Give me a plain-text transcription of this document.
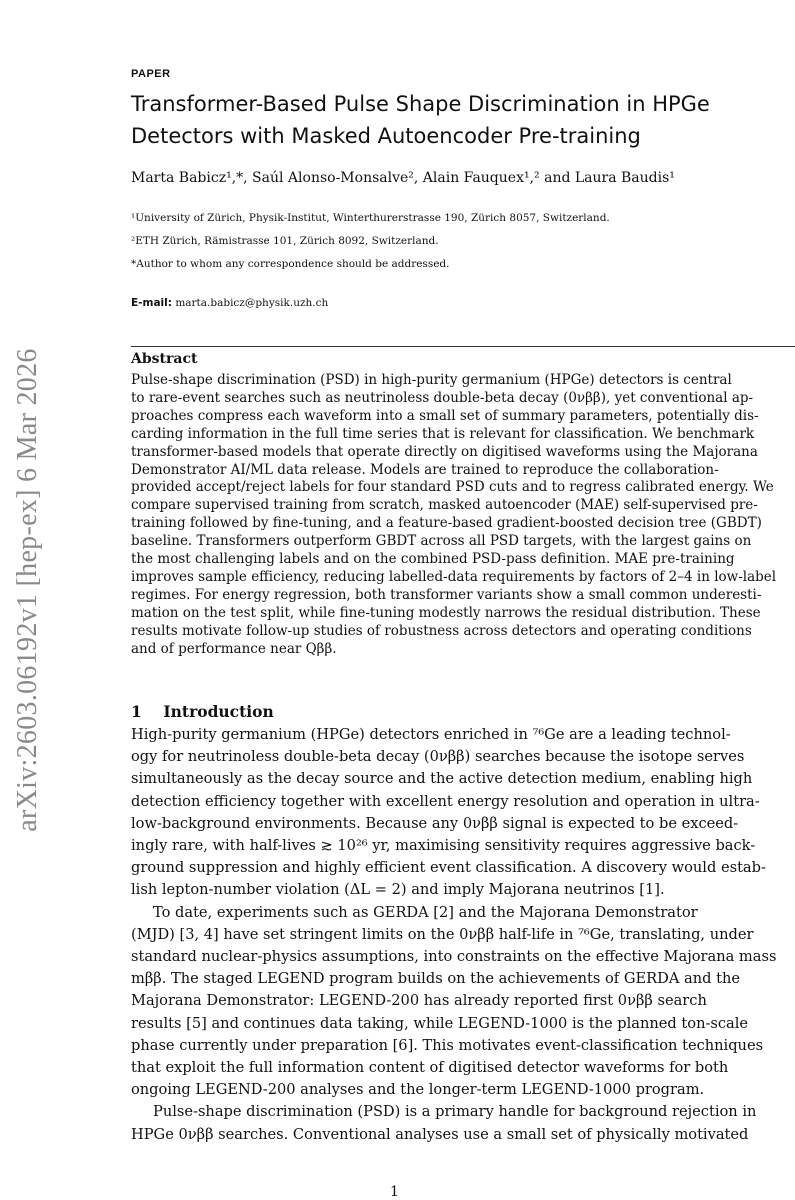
arXiv:2603.06192v1 [hep-ex] 6 Mar 2026
PAPER
Transformer-Based Pulse Shape Discrimination in HPGe Detectors with Masked Autoencoder Pre-training
Marta Babicz¹,*, Saúl Alonso-Monsalve², Alain Fauquex¹,² and Laura Baudis¹
¹University of Zürich, Physik-Institut, Winterthurerstrasse 190, Zürich 8057, Switzerland.
²ETH Zürich, Rämistrasse 101, Zürich 8092, Switzerland.
*Author to whom any correspondence should be addressed.
E-mail: marta.babicz@physik.uzh.ch
Abstract
Pulse-shape discrimination (PSD) in high-purity germanium (HPGe) detectors is central
to rare-event searches such as neutrinoless double-beta decay (0νββ), yet conventional ap-
proaches compress each waveform into a small set of summary parameters, potentially dis-
carding information in the full time series that is relevant for classification. We benchmark
transformer-based models that operate directly on digitised waveforms using the Majorana
Demonstrator AI/ML data release. Models are trained to reproduce the collaboration-
provided accept/reject labels for four standard PSD cuts and to regress calibrated energy. We
compare supervised training from scratch, masked autoencoder (MAE) self-supervised pre-
training followed by fine-tuning, and a feature-based gradient-boosted decision tree (GBDT)
baseline. Transformers outperform GBDT across all PSD targets, with the largest gains on
the most challenging labels and on the combined PSD-pass definition. MAE pre-training
improves sample efficiency, reducing labelled-data requirements by factors of 2–4 in low-label
regimes. For energy regression, both transformer variants show a small common underesti-
mation on the test split, while fine-tuning modestly narrows the residual distribution. These
results motivate follow-up studies of robustness across detectors and operating conditions
and of performance near Qββ.
1 Introduction
High-purity germanium (HPGe) detectors enriched in ⁷⁶Ge are a leading technol-
ogy for neutrinoless double-beta decay (0νββ) searches because the isotope serves
simultaneously as the decay source and the active detection medium, enabling high
detection efficiency together with excellent energy resolution and operation in ultra-
low-background environments. Because any 0νββ signal is expected to be exceed-
ingly rare, with half-lives ≳ 10²⁶ yr, maximising sensitivity requires aggressive back-
ground suppression and highly efficient event classification. A discovery would estab-
lish lepton-number violation (ΔL = 2) and imply Majorana neutrinos [1].
To date, experiments such as GERDA [2] and the Majorana Demonstrator
(MJD) [3, 4] have set stringent limits on the 0νββ half-life in ⁷⁶Ge, translating, under
standard nuclear-physics assumptions, into constraints on the effective Majorana mass
mββ. The staged LEGEND program builds on the achievements of GERDA and the
Majorana Demonstrator: LEGEND-200 has already reported first 0νββ search
results [5] and continues data taking, while LEGEND-1000 is the planned ton-scale
phase currently under preparation [6]. This motivates event-classification techniques
that exploit the full information content of digitised detector waveforms for both
ongoing LEGEND-200 analyses and the longer-term LEGEND-1000 program.
Pulse-shape discrimination (PSD) is a primary handle for background rejection in
HPGe 0νββ searches. Conventional analyses use a small set of physically motivated
1
